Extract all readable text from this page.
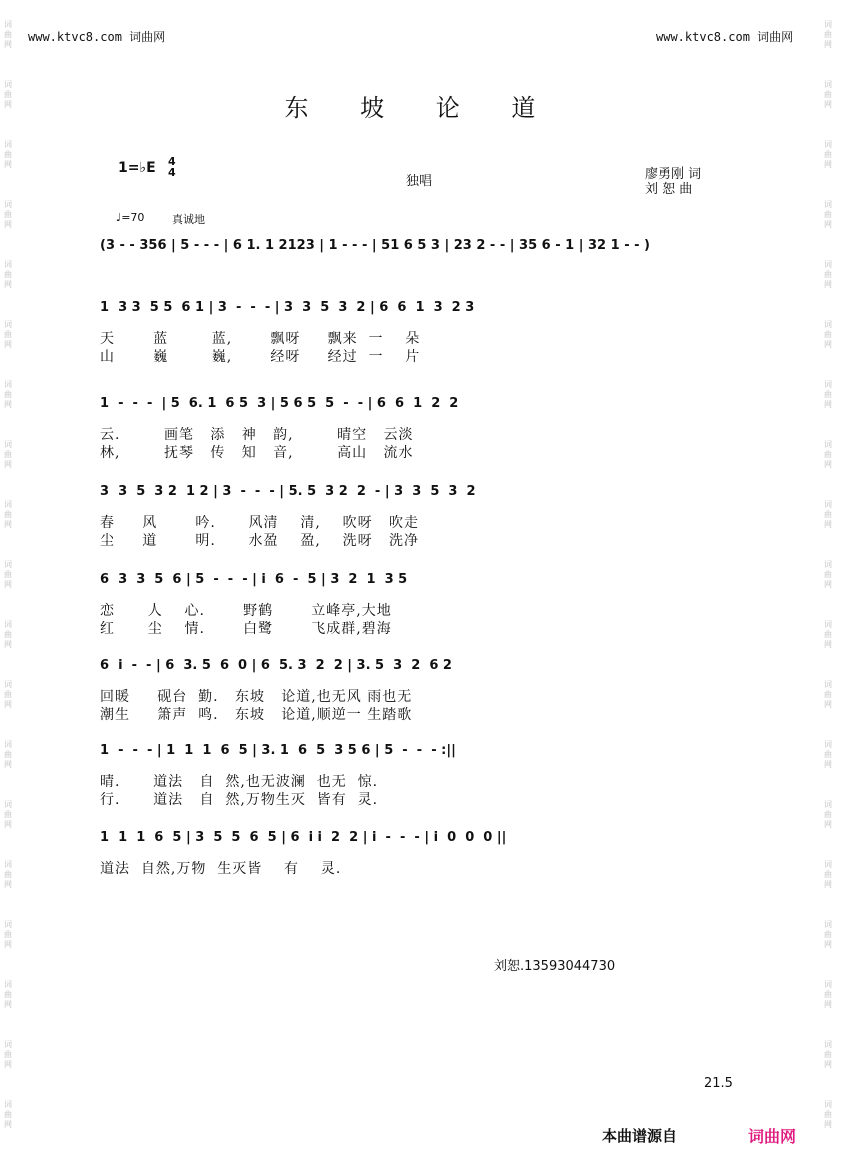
词
曲
网
词
曲
网
词
曲
网
词
曲
网
词
曲
网
词
曲
网
词
曲
网
词
曲
网
词
曲
网
词
曲
网
词
曲
网
词
曲
网
词
曲
网
词
曲
网
词
曲
网
词
曲
网
词
曲
网
词
曲
网
词
曲
网
词
曲
网
词
曲
网
词
曲
网
词
曲
网
词
曲
网
词
曲
网
词
曲
网
词
曲
网
词
曲
网
词
曲
网
词
曲
网
词
曲
网
词
曲
网
词
曲
网
词
曲
网
词
曲
网
词
曲
网
词
曲
网
词
曲
网
www.ktvc8.com 词曲网	www.ktvc8.com 词曲网
东 坡 论 道
1=♭E 4
4
独唱	廖勇刚 词
刘 恕 曲
♩=70	真诚地
(3 - - 356 | 5 - - - | 6 1. 1 2123 | 1 - - - | 51 6 5 3 | 23 2 - - | 35 6 - 1 | 32 1 - - )
1  3 3  5 5  6 1 | 3  -  -  - | 3  3  5  3  2 | 6  6  1  3  2 3
天       蓝        蓝,       飘呀     飘来  一    朵
山       巍        巍,       经呀     经过  一    片
1  -  -  -  | 5  6. 1  6 5  3 | 5 6 5  5  -  - | 6  6  1  2  2
云.        画笔   添   神   韵,        晴空   云淡
林,        抚琴   传   知   音,        高山   流水
3  3  5  3 2  1 2 | 3  -  -  - | 5. 5  3 2  2  - | 3  3  5  3  2
春     风       吟.      风清    清,    吹呀   吹走
尘     道       明.      水盈    盈,    洗呀   洗净
6  3  3  5  6 | 5  -  -  - | i  6  -  5 | 3  2  1  3 5
恋      人    心.       野鹤       立峰亭,大地
红      尘    情.       白鹭       飞成群,碧海
6  i  -  - | 6  3. 5  6  0 | 6  5. 3  2  2 | 3. 5  3  2  6 2
回暖     砚台  勤.   东坡   论道,也无风 雨也无
潮生     箫声  鸣.   东坡   论道,顺逆一 生踏歌
1  -  -  - | 1  1  1  6  5 | 3. 1  6  5  3 5 6 | 5  -  -  - :||
晴.      道法   自  然,也无波澜  也无  惊.
行.      道法   自  然,万物生灭  皆有  灵.
1  1  1  6  5 | 3  5  5  6  5 | 6  i i  2  2 | i  -  -  - | i  0  0  0 ||
道法  自然,万物  生灭皆    有    灵.
刘恕.13593044730
21.5
本曲谱源自	词曲网
